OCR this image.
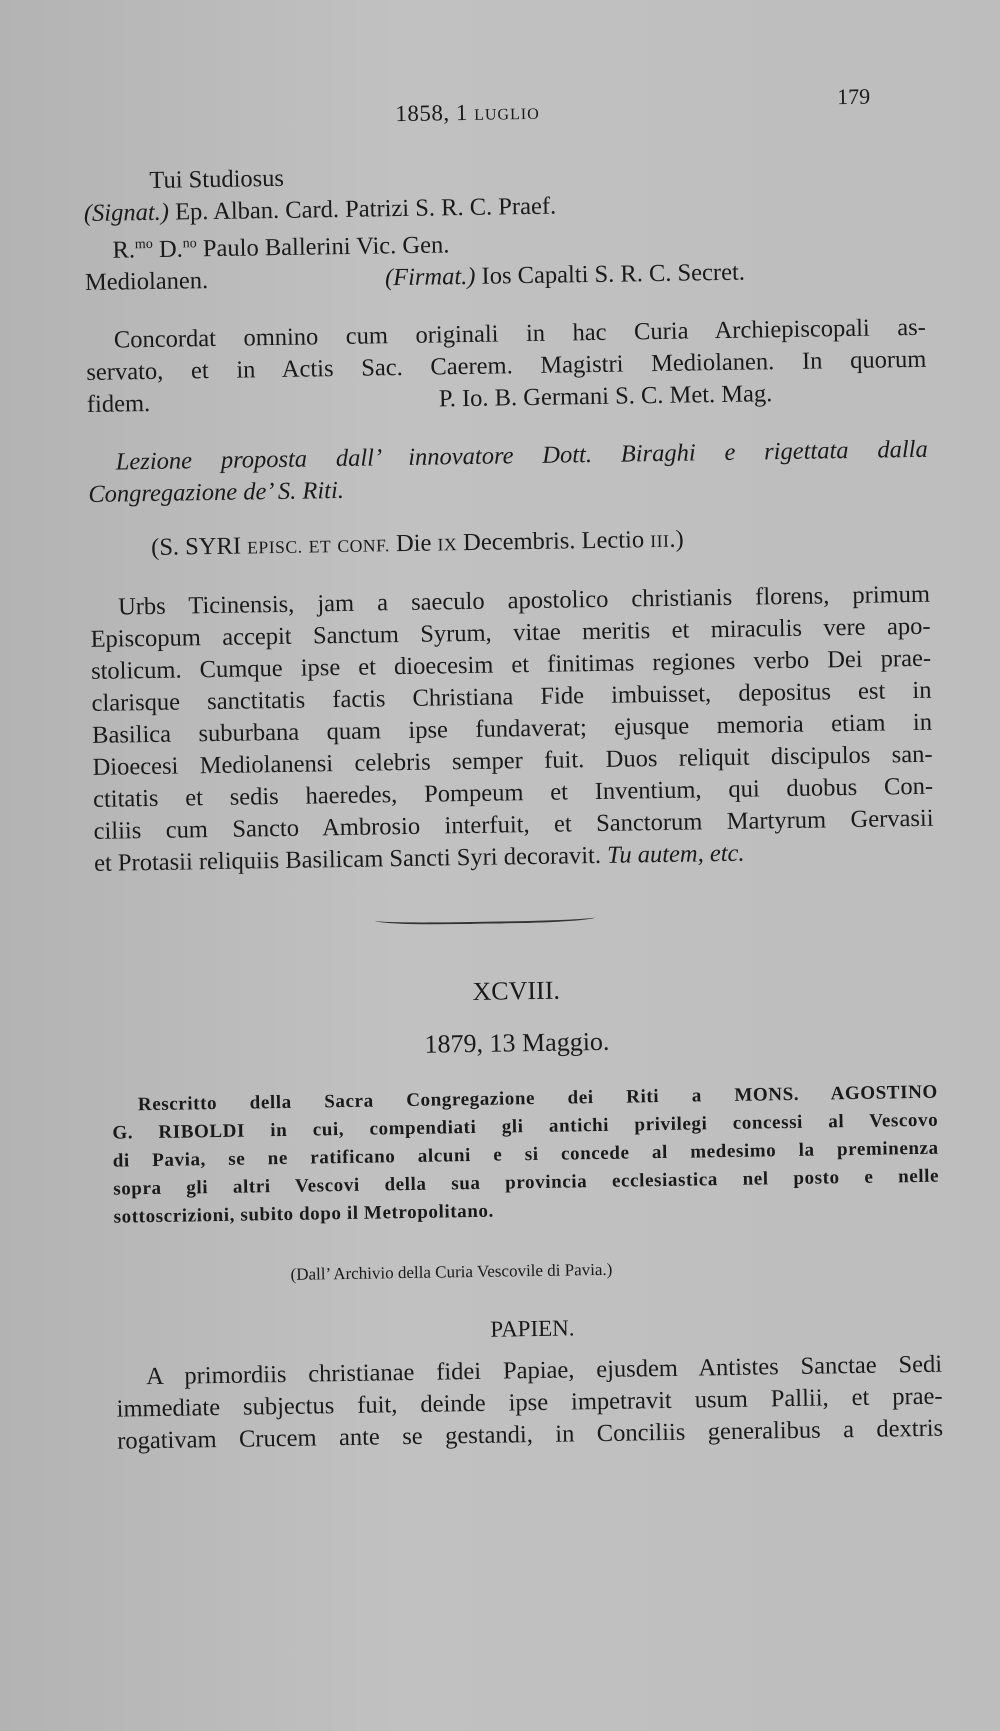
1858, 1 LUGLIO
179
Tui Studiosus
(Signat.) Ep. Alban. Card. Patrizi S. R. C. Praef.
R.$^{mo}$ D.$^{no}$ Paulo Ballerini Vic. Gen.
Mediolanen.	(Firmat.) Ios Capalti S. R. C. Secret.
Concordat omnino cum originali in hac Curia Archiepiscopali as-
servato, et in Actis Sac. Caerem. Magistri Mediolanen. In quorum
fidem.	P. Io. B. Germani S. C. Met. Mag.
Lezione proposta dall’ innovatore Dott. Biraghi e rigettata dalla
Congregazione de’ S. Riti.
(S. SYRI EPISC. ET CONF. Die IX Decembris. Lectio III.)
Urbs Ticinensis, jam a saeculo apostolico christianis florens, primum
Episcopum accepit Sanctum Syrum, vitae meritis et miraculis vere apo-
stolicum. Cumque ipse et dioecesim et finitimas regiones verbo Dei prae-
clarisque sanctitatis factis Christiana Fide imbuisset, depositus est in
Basilica suburbana quam ipse fundaverat; ejusque memoria etiam in
Dioecesi Mediolanensi celebris semper fuit. Duos reliquit discipulos san-
ctitatis et sedis haeredes, Pompeum et Inventium, qui duobus Con-
ciliis cum Sancto Ambrosio interfuit, et Sanctorum Martyrum Gervasii
et Protasii reliquiis Basilicam Sancti Syri decoravit. Tu autem, etc.
XCVIII.
1879, 13 Maggio.
Rescritto della Sacra Congregazione dei Riti a MONS. AGOSTINO
G. RIBOLDI in cui, compendiati gli antichi privilegi concessi al Vescovo
di Pavia, se ne ratificano alcuni e si concede al medesimo la preminenza
sopra gli altri Vescovi della sua provincia ecclesiastica nel posto e nelle
sottoscrizioni, subito dopo il Metropolitano.
(Dall’ Archivio della Curia Vescovile di Pavia.)
PAPIEN.
A primordiis christianae fidei Papiae, ejusdem Antistes Sanctae Sedi
immediate subjectus fuit, deinde ipse impetravit usum Pallii, et prae-
rogativam Crucem ante se gestandi, in Conciliis generalibus a dextris
